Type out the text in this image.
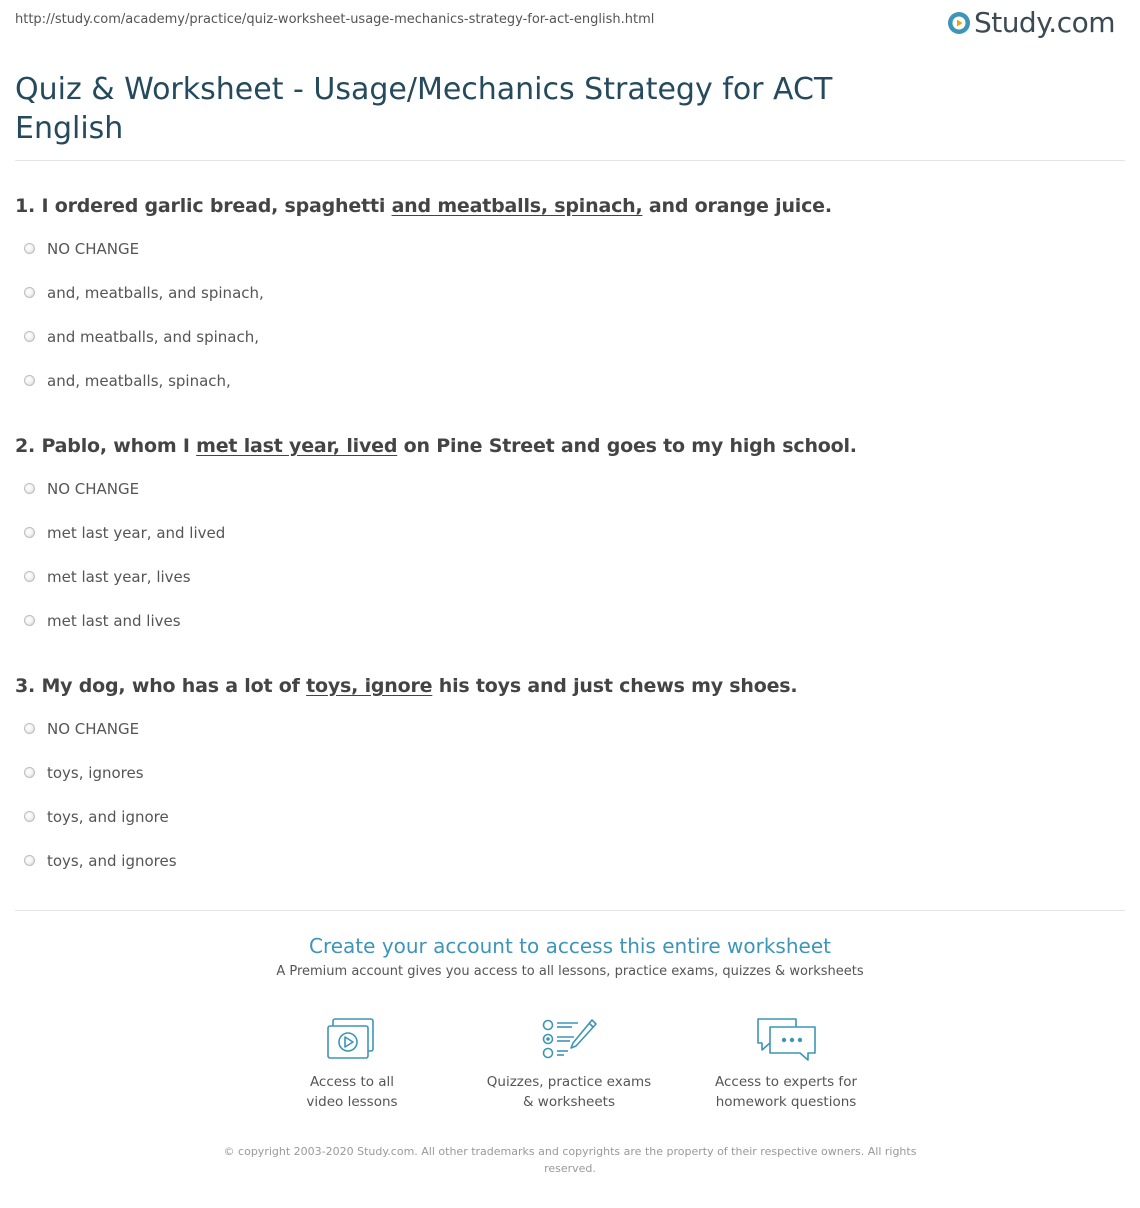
http://study.com/academy/practice/quiz-worksheet-usage-mechanics-strategy-for-act-english.html	Study.com
Quiz & Worksheet - Usage/Mechanics Strategy for ACT English

1. I ordered garlic bread, spaghetti and meatballs, spinach, and orange juice.

NO CHANGE
and, meatballs, and spinach,
and meatballs, and spinach,
and, meatballs, spinach,

2. Pablo, whom I met last year, lived on Pine Street and goes to my high school.

NO CHANGE
met last year, and lived
met last year, lives
met last and lives

3. My dog, who has a lot of toys, ignore his toys and just chews my shoes.

NO CHANGE
toys, ignores
toys, and ignore
toys, and ignores
Create your account to access this entire worksheet
A Premium account gives you access to all lessons, practice exams, quizzes & worksheets
Access to all
video lessons
Quizzes, practice exams
& worksheets
Access to experts for
homework questions
© copyright 2003-2020 Study.com. All other trademarks and copyrights are the property of their respective owners. All rights
reserved.
